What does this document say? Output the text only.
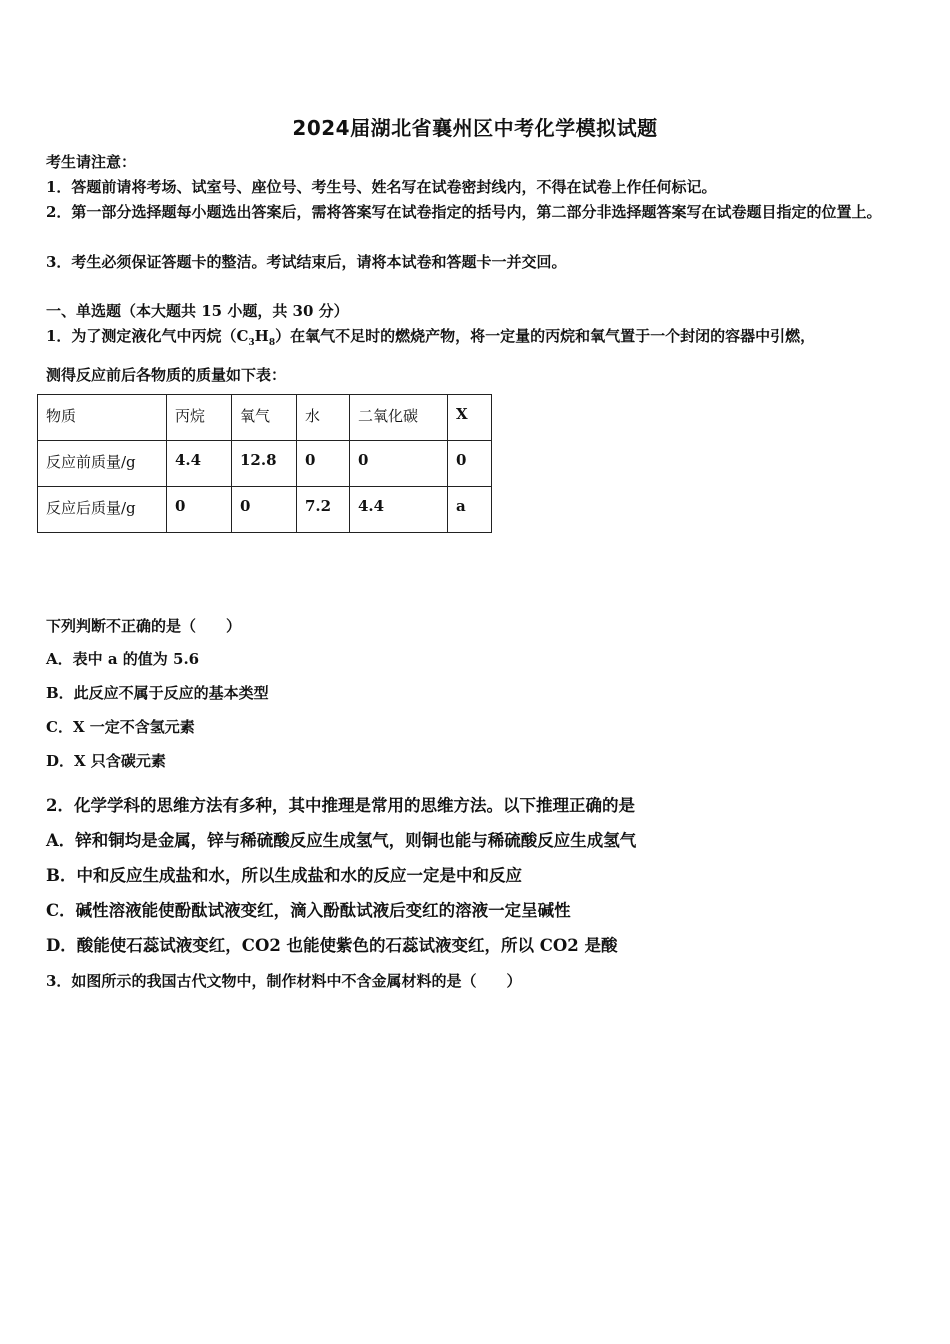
2024届湖北省襄州区中考化学模拟试题
考生请注意：
1．答题前请将考场、试室号、座位号、考生号、姓名写在试卷密封线内，不得在试卷上作任何标记。
2．第一部分选择题每小题选出答案后，需将答案写在试卷指定的括号内，第二部分非选择题答案写在试卷题目指定的位置上。
3．考生必须保证答题卡的整洁。考试结束后，请将本试卷和答题卡一并交回。
一、单选题（本大题共 15 小题，共 30 分）
1．为了测定液化气中丙烷$(C_3H_8)$在氧气不足时的燃烧产物，将一定量的丙烷和氧气置于一个封闭的容器中引燃，
测得反应前后各物质的质量如下表：
物质	丙烷	氧气	水	二氧化碳	X
反应前质量/g	4.4	12.8	0	0	0
反应后质量/g	0	0	7.2	4.4	a
下列判断不正确的是（　　）
A．表中 a 的值为 5.6
B．此反应不属于反应的基本类型
C．X 一定不含氢元素
D．X 只含碳元素
2．化学学科的思维方法有多种，其中推理是常用的思维方法。以下推理正确的是
A．锌和铜均是金属，锌与稀硫酸反应生成氢气，则铜也能与稀硫酸反应生成氢气
B．中和反应生成盐和水，所以生成盐和水的反应一定是中和反应
C．碱性溶液能使酚酞试液变红，滴入酚酞试液后变红的溶液一定呈碱性
D．酸能使石蕊试液变红，CO2 也能使紫色的石蕊试液变红，所以 CO2 是酸
3．如图所示的我国古代文物中，制作材料中不含金属材料的是（　　）
